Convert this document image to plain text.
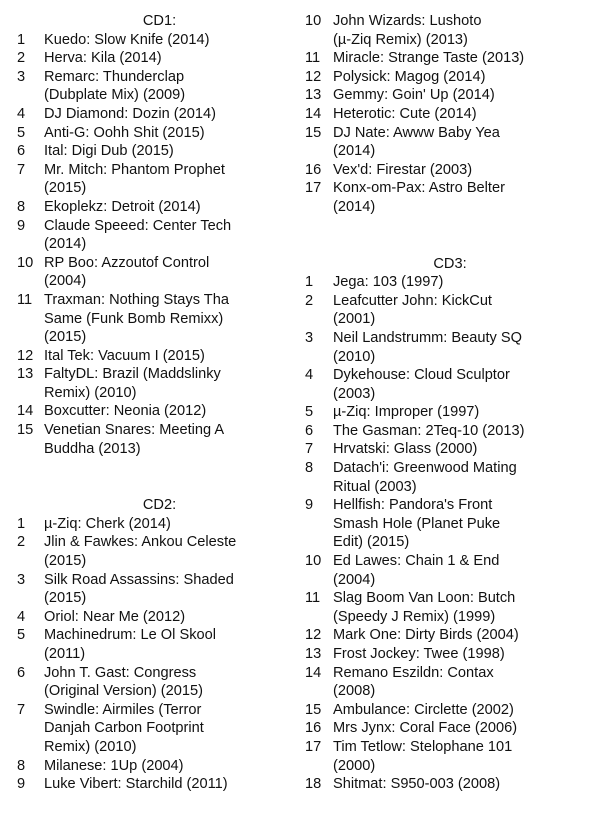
CD1:
1	Kuedo: Slow Knife (2014)
2	Herva: Kila (2014)
3	Remarc: Thunderclap
(Dubplate Mix) (2009)
4	DJ Diamond: Dozin (2014)
5	Anti-G: Oohh Shit (2015)
6	Ital: Digi Dub (2015)
7	Mr. Mitch: Phantom Prophet
(2015)
8	Ekoplekz: Detroit (2014)
9	Claude Speeed: Center Tech
(2014)
10 RP Boo: Azzoutof Control
(2004)
11 Traxman: Nothing Stays Tha
Same (Funk Bomb Remixx)
(2015)
12 Ital Tek: Vacuum I (2015)
13 FaltyDL: Brazil (Maddslinky
Remix) (2010)
14 Boxcutter: Neonia (2012)
15 Venetian Snares: Meeting A
Buddha (2013)
CD2:
1	µ-Ziq: Cherk (2014)
2	Jlin & Fawkes: Ankou Celeste
(2015)
3	Silk Road Assassins: Shaded
(2015)
4	Oriol: Near Me (2012)
5	Machinedrum: Le Ol Skool
(2011)
6	John T. Gast: Congress
(Original Version) (2015)
7	Swindle: Airmiles (Terror
Danjah Carbon Footprint
Remix) (2010)
8	Milanese: 1Up (2004)
9	Luke Vibert: Starchild (2011)
10 John Wizards: Lushoto
(µ-Ziq Remix) (2013)
11 Miracle: Strange Taste (2013)
12 Polysick: Magog (2014)
13 Gemmy: Goin' Up (2014)
14 Heterotic: Cute (2014)
15 DJ Nate: Awww Baby Yea
(2014)
16 Vex'd: Firestar (2003)
17 Konx-om-Pax: Astro Belter
(2014)
CD3:
1	Jega: 103 (1997)
2	Leafcutter John: KickCut
(2001)
3	Neil Landstrumm: Beauty SQ
(2010)
4	Dykehouse: Cloud Sculptor
(2003)
5	µ-Ziq: Improper (1997)
6	The Gasman: 2Teq-10 (2013)
7	Hrvatski: Glass (2000)
8	Datach'i: Greenwood Mating
Ritual (2003)
9	Hellfish: Pandora's Front
Smash Hole (Planet Puke
Edit) (2015)
10 Ed Lawes: Chain 1 & End
(2004)
11 Slag Boom Van Loon: Butch
(Speedy J Remix) (1999)
12 Mark One: Dirty Birds (2004)
13 Frost Jockey: Twee (1998)
14 Remano Eszildn: Contax
(2008)
15 Ambulance: Circlette (2002)
16 Mrs Jynx: Coral Face (2006)
17 Tim Tetlow: Stelophane 101
(2000)
18 Shitmat: S950-003 (2008)
